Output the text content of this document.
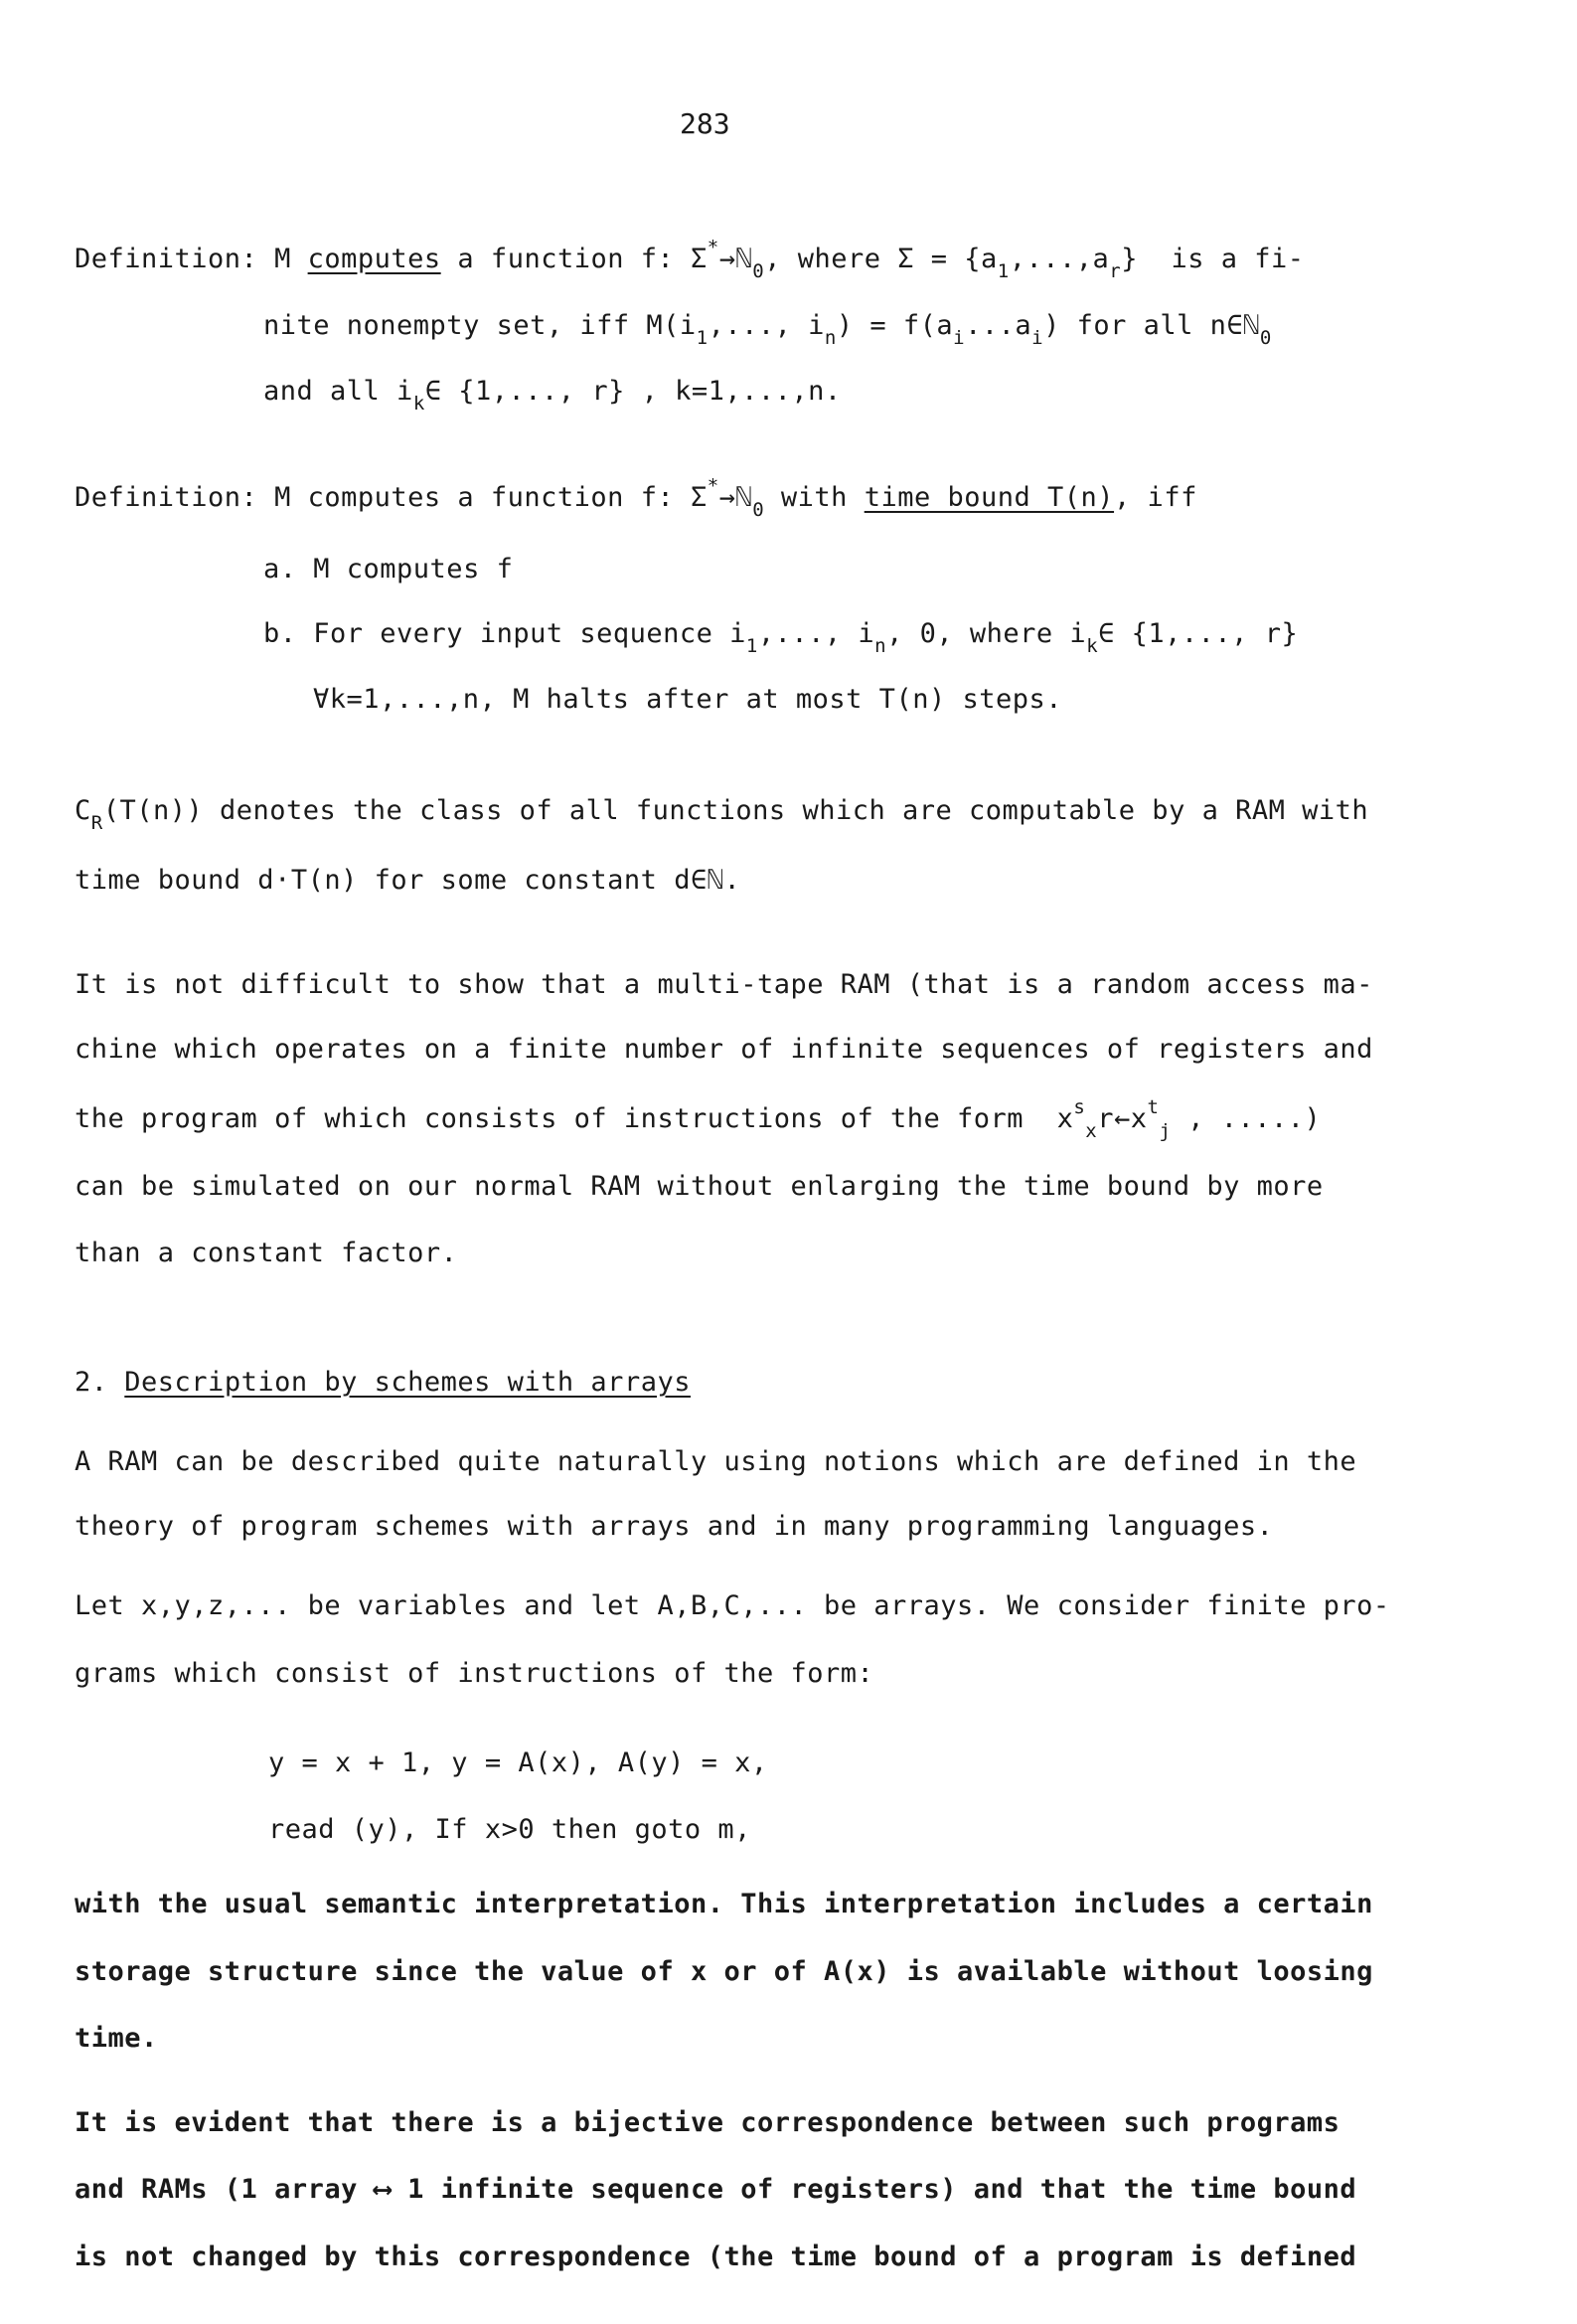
283
Definition: M computes a function f: Σ*→ℕ$_0$, where $\Sigma = \{a_1,...,a_r\}$  is a fi-
nite nonempty set, iff $M(i_1$,..., $i_n) = f(a_i...a_i)$ for all n∈ℕ$_0$
and all $i_k\in$ {1,..., r} , k=1,...,n.
Definition: M computes a function f: Σ*→ℕ$_0$ with time bound T(n), iff
a. M computes f
b. For every input sequence $i_1$,..., $i_n$, 0, where $i_k\in$ {1,..., r}
∀k=1,...,n, M halts after at most T(n) steps.
$C_R(T(n))$ denotes the class of all functions which are computable by a RAM with
time bound d·T(n) for some constant d∈ℕ.
It is not difficult to show that a multi-tape RAM (that is a random access ma-
chine which operates on a finite number of infinite sequences of registers and
the program of which consists of instructions of the form $x^s_xr\leftarrow x^t_j$ , .....)
can be simulated on our normal RAM without enlarging the time bound by more
than a constant factor.
2. Description by schemes with arrays
A RAM can be described quite naturally using notions which are defined in the
theory of program schemes with arrays and in many programming languages.
Let x,y,z,... be variables and let A,B,C,... be arrays. We consider finite pro-
grams which consist of instructions of the form:
y = x + 1, y = A(x), A(y) = x,
read (y), If x>0 then goto m,
with the usual semantic interpretation. This interpretation includes a certain
storage structure since the value of x or of A(x) is available without loosing
time.
It is evident that there is a bijective correspondence between such programs
and RAMs (1 array ⟷ 1 infinite sequence of registers) and that the time bound
is not changed by this correspondence (the time bound of a program is defined
